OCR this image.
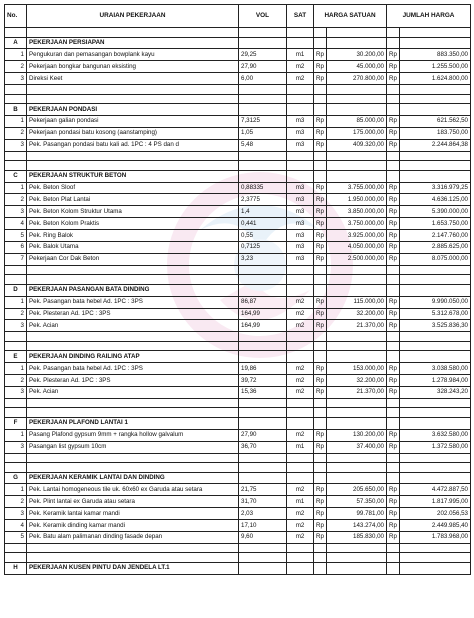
No.	URAIAN PEKERJAAN	VOL	SAT	HARGA SATUAN		JUMLAH HARGA	

A	PEKERJAAN PERSIAPAN						
1	Pengukuran dan pemasangan bowplank kayu	29,25	m1	Rp	30.200,00	Rp	883.350,00
2	Pekerjaan bongkar bangunan eksisting	27,90	m2	Rp	45.000,00	Rp	1.255.500,00
3	Direksi Keet	6,00	m2	Rp	270.800,00	Rp	1.624.800,00

B	PEKERJAAN PONDASI						
1	Pekerjaan galian pondasi	7,3125	m3	Rp	85.000,00	Rp	621.562,50
2	Pekerjaan pondasi batu kosong (aanstamping)	1,05	m3	Rp	175.000,00	Rp	183.750,00
3	Pek. Pasangan pondasi batu kali ad. 1PC : 4 PS dan d	5,48	m3	Rp	409.320,00	Rp	2.244.864,38

C	PEKERJAAN STRUKTUR BETON						
1	Pek. Beton Sloof	0,88335	m3	Rp	3.755.000,00	Rp	3.316.979,25
2	Pek. Beton Plat Lantai	2,3775	m3	Rp	1.950.000,00	Rp	4.636.125,00
3	Pek. Beton Kolom Struktur Utama	1,4	m3	Rp	3.850.000,00	Rp	5.390.000,00
4	Pek. Beton Kolom Praktis	0,441	m3	Rp	3.750.000,00	Rp	1.653.750,00
5	Pek. Ring Balok	0,55	m3	Rp	3.925.000,00	Rp	2.147.760,00
6	Pek. Balok Utama	0,7125	m3	Rp	4.050.000,00	Rp	2.885.625,00
7	Pekerjaan Cor Dak Beton	3,23	m3	Rp	2.500.000,00	Rp	8.075.000,00

D	PEKERJAAN PASANGAN BATA DINDING						
1	Pek. Pasangan bata hebel Ad. 1PC : 3PS	86,87	m2	Rp	115.000,00	Rp	9.990.050,00
2	Pek. Plesteran Ad. 1PC : 3PS	164,99	m2	Rp	32.200,00	Rp	5.312.678,00
3	Pek. Acian	164,99	m2	Rp	21.370,00	Rp	3.525.836,30

E	PEKERJAAN DINDING RAILING ATAP						
1	Pek. Pasangan bata hebel Ad. 1PC : 3PS	19,86	m2	Rp	153.000,00	Rp	3.038.580,00
2	Pek. Plesteran Ad. 1PC : 3PS	39,72	m2	Rp	32.200,00	Rp	1.278.984,00
3	Pek. Acian	15,36	m2	Rp	21.370,00	Rp	328.243,20

F	PEKERJAAN PLAFOND LANTAI 1						
1	Pasang Plafond gypsum 9mm + rangka hollow galvalum	27,90	m2	Rp	130.200,00	Rp	3.632.580,00
3	Pasangan list gypsum 10cm	36,70	m1	Rp	37.400,00	Rp	1.372.580,00

G	PEKERJAAN KERAMIK LANTAI DAN DINDING						
1	Pek. Lantai homogeneous tile uk. 60x60 ex Garuda atau setara	21,75	m2	Rp	205.650,00	Rp	4.472.887,50
2	Pek. Plint lantai ex Garuda atau setara	31,70	m1	Rp	57.350,00	Rp	1.817.995,00
3	Pek. Keramik lantai kamar mandi	2,03	m2	Rp	99.781,00	Rp	202.056,53
4	Pek. Keramik dinding kamar mandi	17,10	m2	Rp	143.274,00	Rp	2.449.985,40
5	Pek. Batu alam palimanan dinding fasade depan	9,60	m2	Rp	185.830,00	Rp	1.783.968,00

H	PEKERJAAN KUSEN PINTU DAN JENDELA LT.1						
